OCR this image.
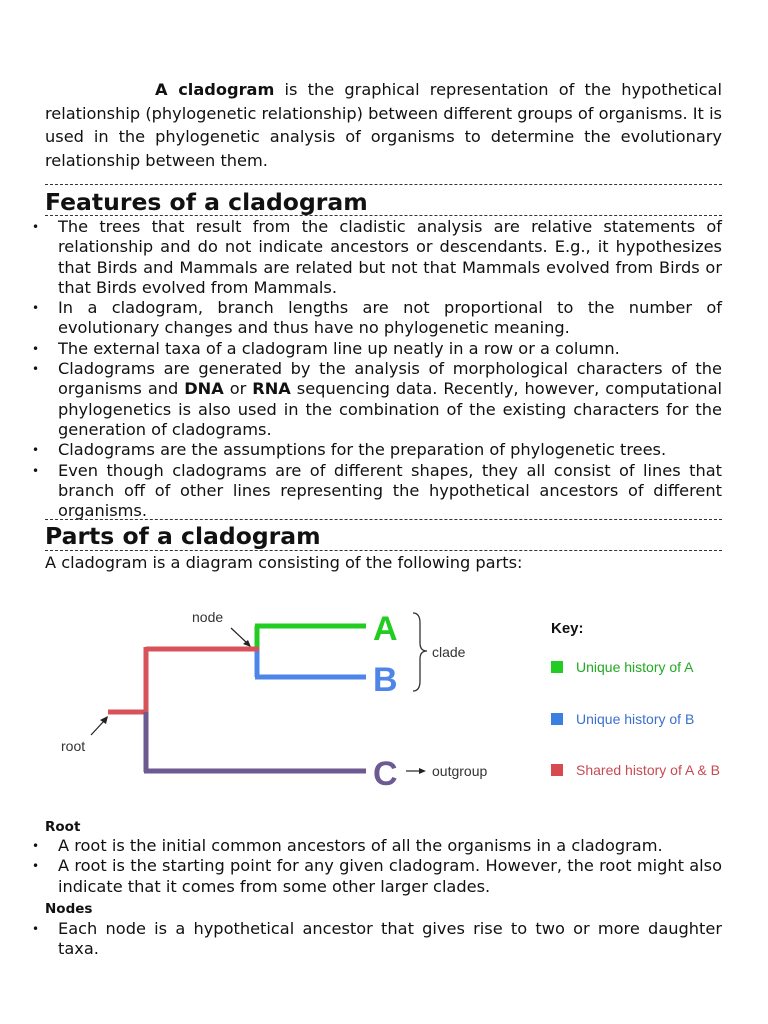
A cladogram is the graphical representation of the hypothetical relationship (phylogenetic relationship) between different groups of organisms. It is used in the phylogenetic analysis of organisms to determine the evolutionary relationship between them.
Features of a cladogram
• The trees that result from the cladistic analysis are relative statements of relationship and do not indicate ancestors or descendants. E.g., it hypothesizes that Birds and Mammals are related but not that Mammals evolved from Birds or that Birds evolved from Mammals.
• In a cladogram, branch lengths are not proportional to the number of evolutionary changes and thus have no phylogenetic meaning.
• The external taxa of a cladogram line up neatly in a row or a column.
• Cladograms are generated by the analysis of morphological characters of the organisms and DNA or RNA sequencing data. Recently, however, computational phylogenetics is also used in the combination of the existing characters for the generation of cladograms.
• Cladograms are the assumptions for the preparation of phylogenetic trees.
• Even though cladograms are of different shapes, they all consist of lines that branch off of other lines representing the hypothetical ancestors of different organisms.
Parts of a cladogram
A cladogram is a diagram consisting of the following parts:
node
root
A
B
C
clade
outgroup
Key:
Unique history of A
Unique history of B
Shared history of A & B
Root
• A root is the initial common ancestors of all the organisms in a cladogram.
• A root is the starting point for any given cladogram. However, the root might also indicate that it comes from some other larger clades.
Nodes
• Each node is a hypothetical ancestor that gives rise to two or more daughter taxa.
